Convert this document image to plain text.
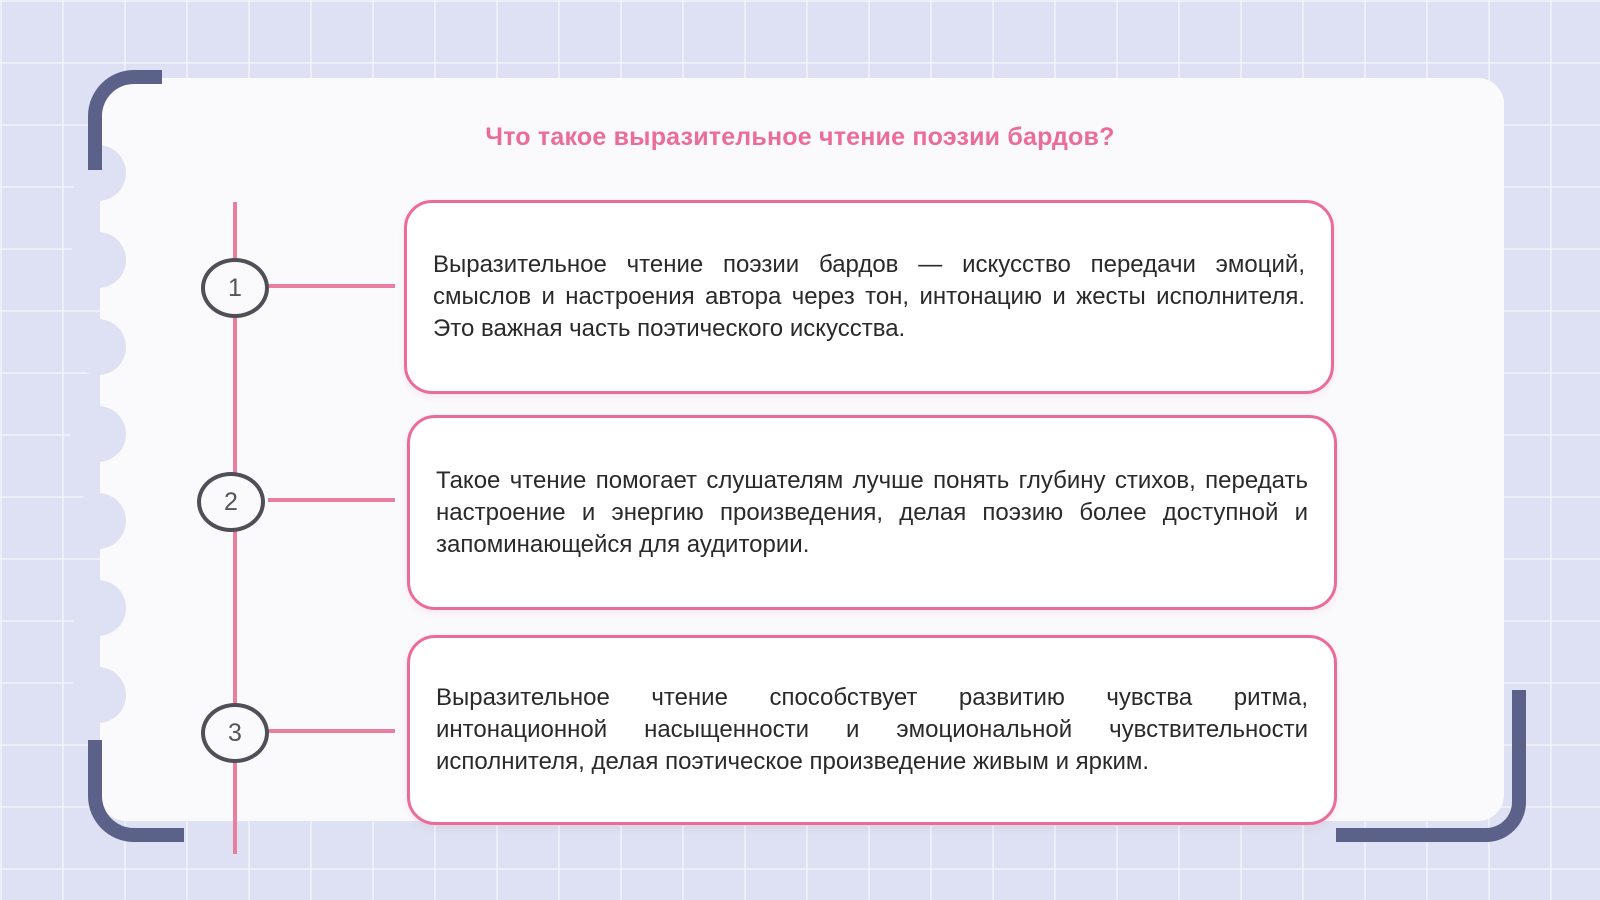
Что такое выразительное чтение поэзии бардов?
1
2
3

Выразительное чтение поэзии бардов — искусство передачи эмоций, смыслов и настроения автора через тон, интонацию и жесты исполнителя. Это важная часть поэтического искусства.

Такое чтение помогает слушателям лучше понять глубину стихов, передать настроение и энергию произведения, делая поэзию более доступной и запоминающейся для аудитории.

Выразительное чтение способствует развитию чувства ритма, интонационной насыщенности и эмоциональной чувствительности исполнителя, делая поэтическое произведение живым и ярким.
